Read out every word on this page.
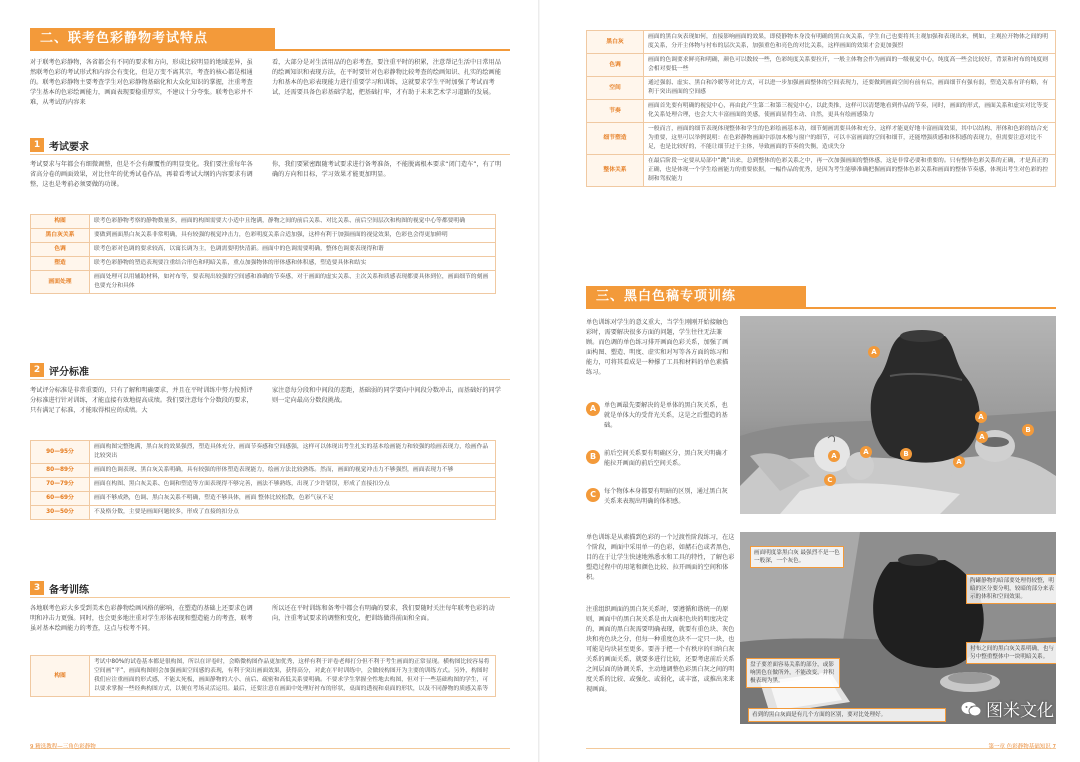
二、联考色彩静物考试特点

对于联考色彩静物，各省都会有不同的要求和方向，形成比较明显的地域差异，虽然联考色彩的考试形式和内容会有变化，但是万变不离其宗，考查的核心都是相通的。联考色彩静物主要考查学生对色彩静物基础化和大众化知识的掌握，注重考查学生基本的色彩绘画能力，画面表现要稳重厚实，不建议十分夸张。联考色彩并不难，从考试的内容来

看，大部分是对生活用品的色彩考查，要注重平时的积累，注意帮记生活中日常用品的绘画知识和表现方法，在平时要针对色彩静物比较考查的绘画知识、扎实的绘画能力和基本的色彩表现能力进行重要学习和训练，这就要求学生平时加强了考试而考试，还需要具备色彩基础学起，把基础打牢，才有助于未来艺术学习道路的发展。

1 考试要求

考试要求与年都会有细微调整，但是不会有颠覆性的明显变化。我们要注重每年各省高分卷的画面效果，对比往年的优秀试卷作品，再着看考试大纲的内容要求有调整，这也是考前必须要做的功课。

你，我们要紧密跟随考试要求进行备考准备，不能脱离根本要求“闭门造车”，有了明确的方向和目标，学习效果才能更加明显。

构图	联考色彩静物考察的静物数量多，画面的构图需要大小适中且饱满，静物之间的前后关系、对比关系、前后空间层次和构图的视觉中心等都要明确
黑白灰关系	要做到画面黑白灰关系非常明确，具有较强的视觉冲击力，色彩明度关系合适加强，这样有利于加强画面的视觉效果，色彩也会得更加鲜明
色调	联考色彩对色调的要求较高，以寓长调为主，色调需要明快清新。画面中的色调需要明确，整体色调要表现得和谐
塑造	联考色彩静物的塑造表现要注重结合形色和明暗关系，重点加强物体的形体感和体积感，塑造要具体和结实
画面处理	画面处理可以用辅助材料，如衬布等，要表现出较强的空间感和准确的节奏感，对于画面的虚实关系、主次关系和质感表现都要具体到位，画面细节的刻画也要充分和具体
2 评分标准

考试评分标准是非常重要的，只有了解和明确要求，并且在平时训练中努力按照评分标准进行针对训练，才能直接有效地提高成绩。我们要注意每个分数段的要求，只有满足了标准，才能取得相应的成绩。大

家注意每分段和中间段的差距，基础弱的同学要向中间段分数冲击，而基础好的同学则一定向最高分数段挑战。

90—95分	画面构图完整饱满，黑白灰的效果强烈，塑造具体充分，画面节奏感和空间感强，这样可以体现出考生扎实的基本绘画能力和较强的绘画表现力，绘画作品比较突出
80—89分	画面的色调表现、黑白灰关系明确，具有较强的形体塑造表现能力，绘画方法比较熟练。然而，画面的视觉冲击力不够强烈，画面表现力不够
70—79分	画面在构图、黑白灰关系、色调和塑造等方面表现得不够完善，画法不够熟练，出现了少许错误，形成了直接扣分点
60—69分	画面不够成熟，色调、黑白灰关系不明确，塑造不够具体，画面 整体比较松散，色彩气氛不足
30—50分	不及格分数，主要是画面问题较多，形成了直接的扣分点
3 备考训练

各地联考色彩大多受到美术色彩静物绘画风格的影响，在塑造的基础上还要求色调明和冲击力更强。同时，也会更多地注重对学生形体表现和塑造能力的考查，联考虽对基本绘画能力的考查，这点与校考不同。

所以还在平时训练和备考中都会有明确的要求，我们要随时关注每年联考色彩的动向，注重考试要求的调整和变化，把训练做得前面和全面。

构图	考试中80%的试卷基本都是很构图，所以在评卷时，会略微构图作品更加优秀，这样有利于评卷老师打分但不利于考生画面的正常显现。横构图比较容易将空间画“平”，画面构图则会加强画面空间感的表现，有利于突出画面效果，获得高分，对此在平时训练中，会做较构图开为主要的训练方式。另外，构图时我们应注重画面的形式感，不能太死板，画面静物的大小、前后、疏密和高低关系要明确。不要求学生掌握全性地去构图，但对于一些基础构图的学生，可以要求掌握一些经典构图方式，以便在考场灵活运用。最后，还要注意在画面中处理好衬布的形状，桌面的透视和桌面的形状，以及不同静物的质感关系等
9 精选教程—三角色彩静物
黑白灰	画面的黑白灰表现如何，直接影响画面的效果，即使静物本身没有明确的黑白灰关系，学生自己也要将其主观加强和表现出来，例如，主观拉开物体之间的明度关系，分开主体物与衬布的层次关系，加强重色和亮色的对比关系，这样画面的效果才会更加强烈
色调	画面的色调要求鲜亮和明确，颜色可以数较一些，色彩纯度关系要拉开，一般主体物会作为画面的一级视觉中心，纯度高一些会比较好，背景和衬布的纯度则会相对要低一些
空间	通过强弱、虚实、黑白和冷暖等对比方式，可以进一步加强画面整体的空间表现力，还要做到画面空间有前有后，画面细节有强有弱，塑造关系有详有略，有利于突出画面的空间感
节奏	画面首先要有明确的视觉中心，再由此产生第二和第三视觉中心，以此类推，这样可以清楚地看到作品的节奏，同时，画面的形式，画面关系和虚实对比等变化关系处理合理，也会大大丰富画面的美感，使画面显得生动、自然，更具有绘画感染力
细节塑造	一般而言，画面的细节表现体现整体和学生的色彩绘画基本功，细节刻画需要具体和充分，这样才能更好地丰富画面效果，其中以结构、形体和色彩的结合充为重要，这里可以举例说明：在色彩静物画面中添加木橡与窗户的细节，可以丰富画面的空间和细节，还能增强质感和体积感的表现力，但需要注意对比不足，也是比较好的，不能让细节过于主体，导致画面的节奏的失衡，造成失分
整体关系	在最后阶段一定要从局部中“跳”出来，总到整体的色彩关系之中，再一次加强画面的整体感，这是非常必要和重要的。只有整体色彩关系的正确，才是真正的正确，也是体现一个学生绘画能力的重要依据，一幅作品的优秀，是因为考生能够准确把握画面的整体色彩关系和画面的整体节奏感，体现出考生对色彩的控制和驾驭能力
三、黑白色稿专项训练

单色训练对学生的意义重大，当学生刚刚开始接触色彩时，需要解决很多方面的问题，学生往往无法兼顾。而色调的单色练习排开画面色彩关系，加强了画面构图、塑造、明度、虚实和对写等各方面的练习和能力，可将其看成是一种撑了工具和材料的单色素描练习。

A	单色画最先要解决的是单体的黑白灰关系，也就是单体大的受背光关系，这是之后塑造的基础。

B	前后空间关系要有明确区分，黑白灰关明确才能拉开画面的前后空间关系。

C	每个物体本身都要有明暗的区别，通过黑白灰关系来表现出明确的体积感。

A
A
A
A
B
A
A
C
B

单色训练是从素描到色彩的一个过渡性阶段练习，在这个阶段，画面中采用单一的色彩，如赭石色或者黑色，目的在于让学生快速地熟悉水和工具的特性，了解色彩塑造过程中的用笔和颜色比较、拉开画面的空间和体积。

注重组织画面的黑白灰关系时，要遵循和谐统一的原则，画面中的黑白灰关系是由大面积色块的明度决定的，画面的黑白灰需要明确表现，就要有重色块、灰色块和亮色块之分，但每一种重度色块不一定只一块，也可能是均块甚至更多。要善于把一个有秩序的归纳白灰关系的画面关系，就要多进行比较，还要考虑前后关系之间层面的协调关系，主动地调整色彩黑白灰之间的明度关系的比较、或强化、或弱化，或丰富，或推出来来视画面。

画面明度靠黑白灰 最强烈不是一色一般深，一个灰色。
陶罐静物的暗部要处理得较整，明暗的区分要分明，较暗的部分来表示的体积和空间效果。
衬布之间的黑白灰关系明确，也与另中整重整体中一块明暗关系。
盘子要差面容易关系的部分，或影响黑色在做所外，不能改变，并积极表现为黑。
看到的黑白灰面是有几个方面的区别，要对比处理好。	图米文化
第一章 色彩静物基础知识 7
